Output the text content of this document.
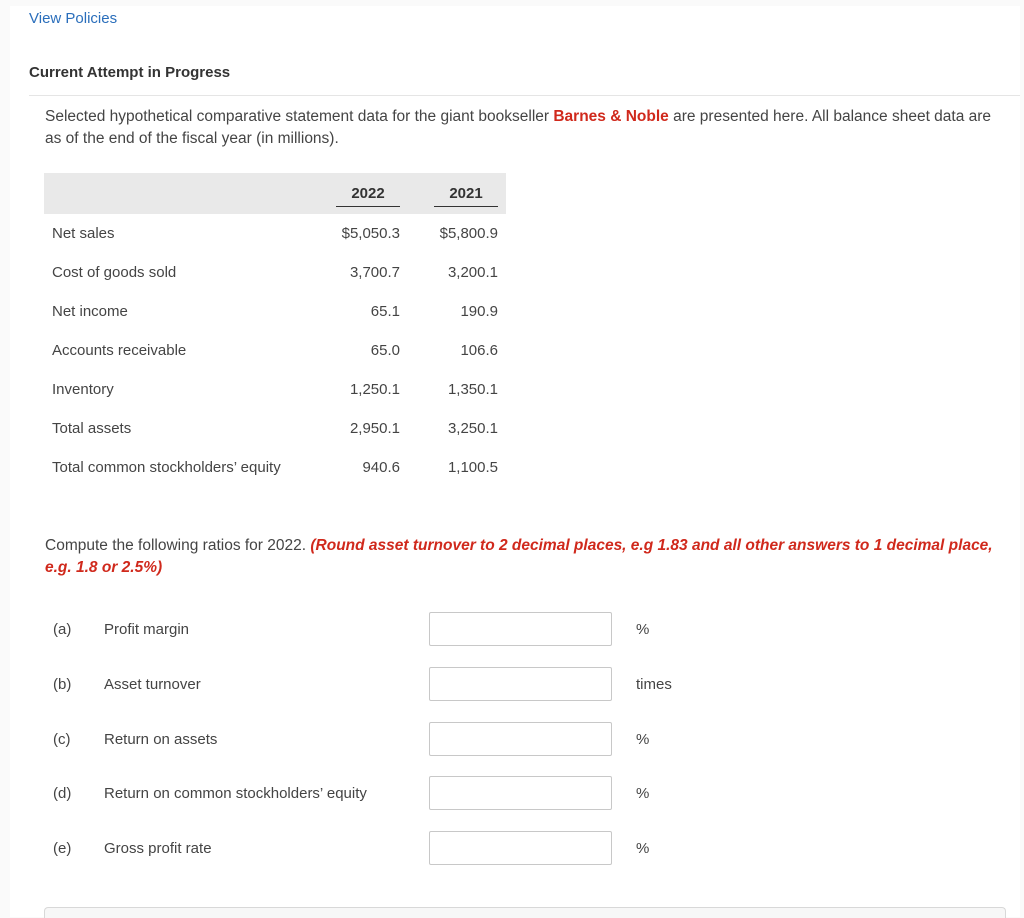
View Policies
Current Attempt in Progress
Selected hypothetical comparative statement data for the giant bookseller Barnes & Noble are presented here. All balance sheet data are as of the end of the fiscal year (in millions).
2022	2021
Net sales	$5,050.3	$5,800.9
Cost of goods sold	3,700.7	3,200.1
Net income	65.1	190.9
Accounts receivable	65.0	106.6
Inventory	1,250.1	1,350.1
Total assets	2,950.1	3,250.1
Total common stockholders’ equity	940.6	1,100.5
Compute the following ratios for 2022. (Round asset turnover to 2 decimal places, e.g 1.83 and all other answers to 1 decimal place, e.g. 1.8 or 2.5%)
(a) Profit margin	%
(b) Asset turnover	times
(c) Return on assets	%
(d) Return on common stockholders’ equity	%
(e) Gross profit rate	%
